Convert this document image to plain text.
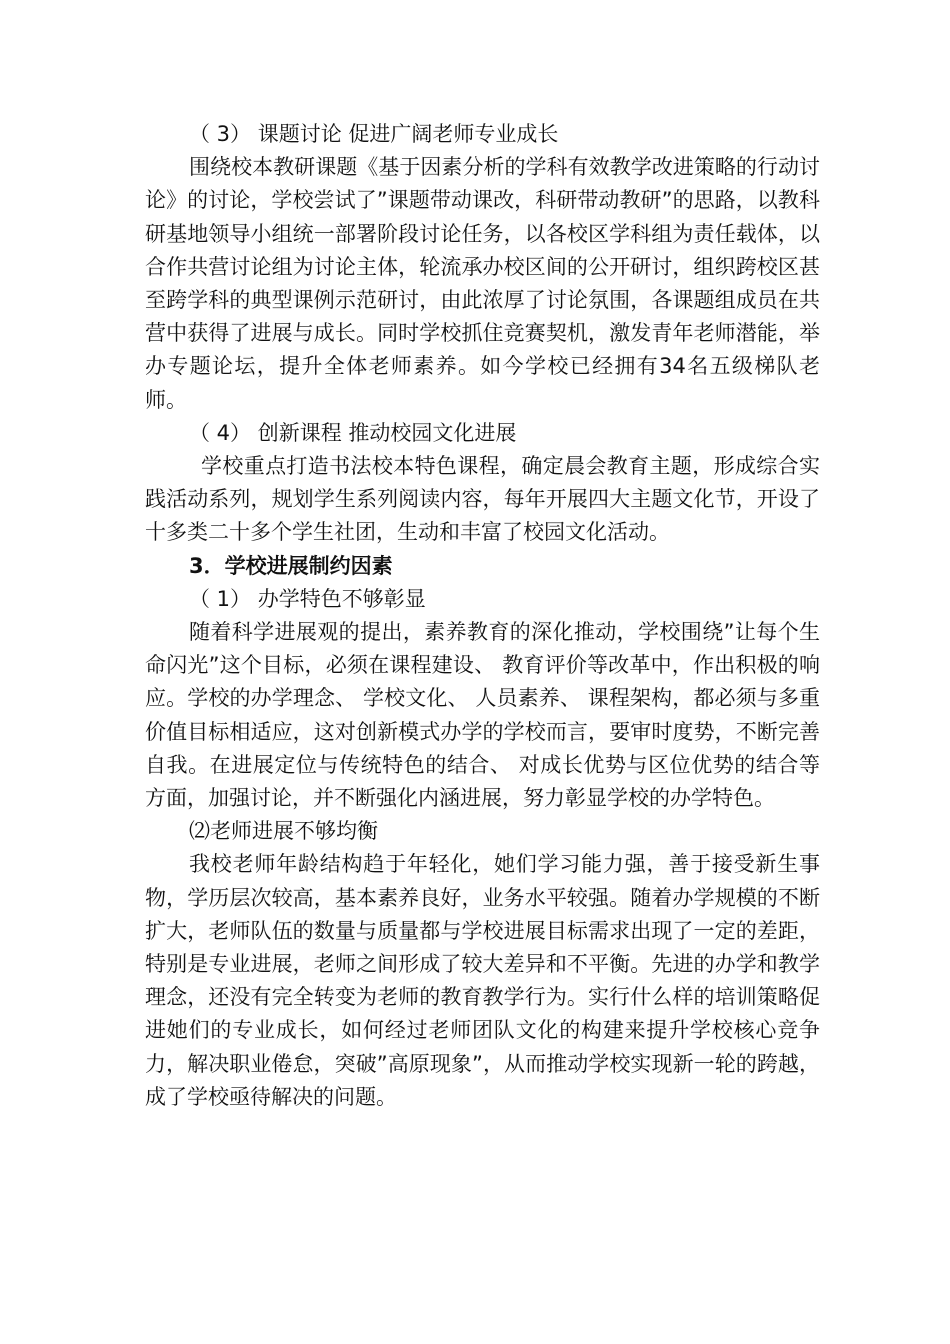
（ 3） 课题讨论 促进广阔老师专业成长

围绕校本教研课题《基于因素分析的学科有效教学改进策略的行动讨论》的讨论，学校尝试了”课题带动课改，科研带动教研”的思路，以教科研基地领导小组统一部署阶段讨论任务，以各校区学科组为责任载体，以合作共营讨论组为讨论主体，轮流承办校区间的公开研讨，组织跨校区甚至跨学科的典型课例示范研讨，由此浓厚了讨论氛围，各课题组成员在共营中获得了进展与成长。同时学校抓住竞赛契机，激发青年老师潜能，举办专题论坛，提升全体老师素养。如今学校已经拥有34名五级梯队老师。

（ 4） 创新课程 推动校园文化进展

学校重点打造书法校本特色课程，确定晨会教育主题，形成综合实践活动系列，规划学生系列阅读内容，每年开展四大主题文化节，开设了十多类二十多个学生社团，生动和丰富了校园文化活动。

3．学校进展制约因素

（ 1） 办学特色不够彰显

随着科学进展观的提出，素养教育的深化推动，学校围绕”让每个生命闪光”这个目标，必须在课程建设、 教育评价等改革中，作出积极的响应。学校的办学理念、 学校文化、 人员素养、 课程架构，都必须与多重价值目标相适应，这对创新模式办学的学校而言，要审时度势，不断完善自我。在进展定位与传统特色的结合、 对成长优势与区位优势的结合等方面，加强讨论，并不断强化内涵进展，努力彰显学校的办学特色。

⑵老师进展不够均衡

我校老师年龄结构趋于年轻化，她们学习能力强，善于接受新生事物，学历层次较高，基本素养良好，业务水平较强。随着办学规模的不断扩大，老师队伍的数量与质量都与学校进展目标需求出现了一定的差距，特别是专业进展，老师之间形成了较大差异和不平衡。先进的办学和教学理念，还没有完全转变为老师的教育教学行为。实行什么样的培训策略促进她们的专业成长，如何经过老师团队文化的构建来提升学校核心竞争力，解决职业倦怠，突破”高原现象”，从而推动学校实现新一轮的跨越，成了学校亟待解决的问题。
